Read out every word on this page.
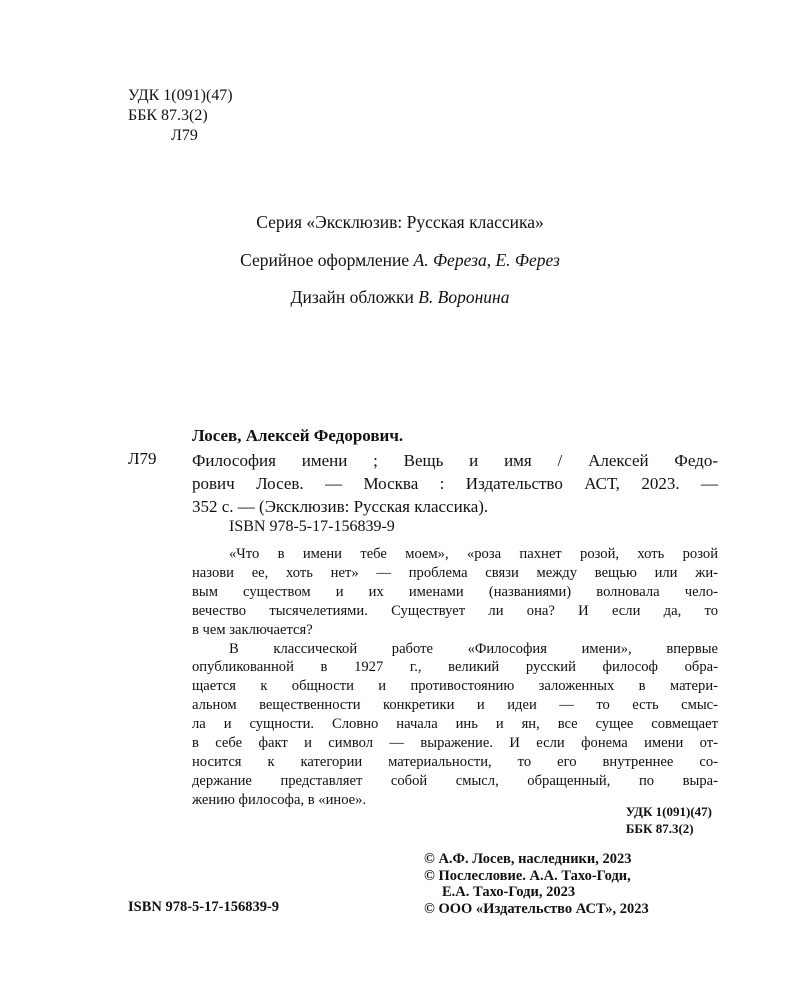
УДК 1(091)(47)
ББК 87.3(2)
Л79
Серия «Эксклюзив: Русская классика»
Серийное оформление А. Фереза, Е. Ферез
Дизайн обложки В. Воронина
Лосев, Алексей Федорович.
Л79 Философия имени ; Вещь и имя / Алексей Федо-
рович Лосев. — Москва : Издательство АСТ, 2023. —
352 с. — (Эксклюзив: Русская классика).
ISBN 978-5-17-156839-9
«Что в имени тебе моем», «роза пахнет розой, хоть розой
назови ее, хоть нет» — проблема связи между вещью или жи-
вым существом и их именами (названиями) волновала чело-
вечество тысячелетиями. Существует ли она? И если да, то
в чем заключается?
В классической работе «Философия имени», впервые
опубликованной в 1927 г., великий русский философ обра-
щается к общности и противостоянию заложенных в матери-
альном вещественности конкретики и идеи — то есть смыс-
ла и сущности. Словно начала инь и ян, все сущее совмещает
в себе факт и символ — выражение. И если фонема имени от-
носится к категории материальности, то его внутреннее со-
держание представляет собой смысл, обращенный, по выра-
жению философа, в «иное».
УДК 1(091)(47)
ББК 87.3(2)
© А.Ф. Лосев, наследники, 2023
© Послесловие. А.А. Тахо-Годи,
Е.А. Тахо-Годи, 2023
© ООО «Издательство АСТ», 2023
ISBN 978-5-17-156839-9
